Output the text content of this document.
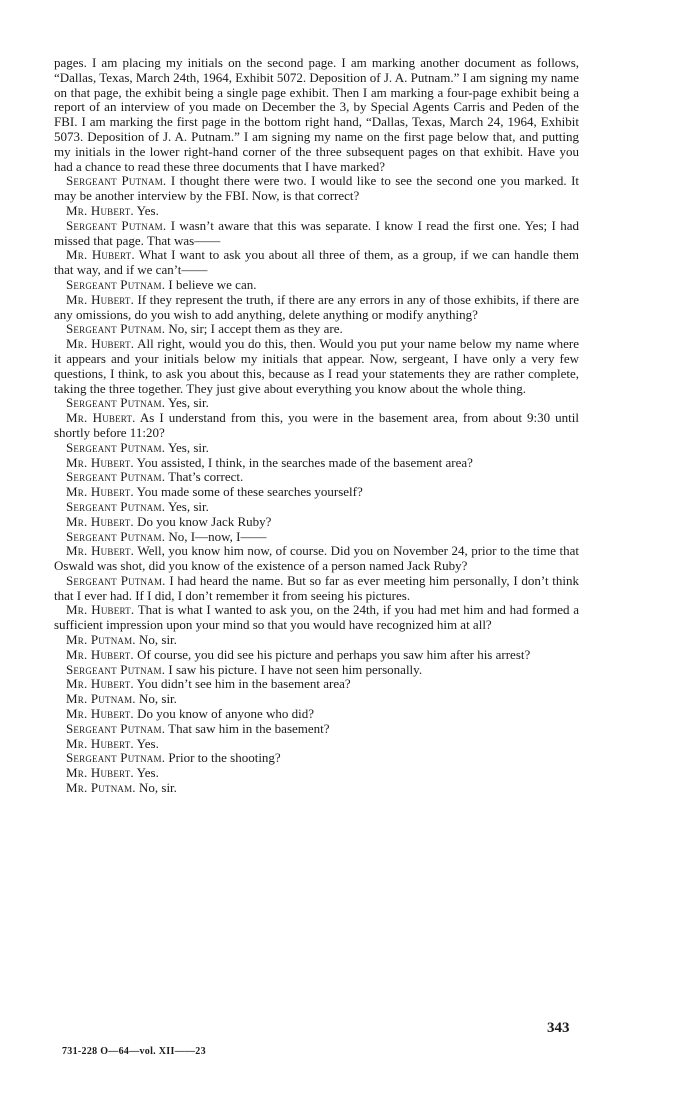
pages. I am placing my initials on the second page. I am marking another document as follows, “Dallas, Texas, March 24th, 1964, Exhibit 5072. Deposition of J. A. Putnam.” I am signing my name on that page, the exhibit being a single page exhibit. Then I am marking a four-page exhibit being a report of an interview of you made on December the 3, by Special Agents Carris and Peden of the FBI. I am marking the first page in the bottom right hand, “Dallas, Texas, March 24, 1964, Exhibit 5073. Deposition of J. A. Putnam.” I am signing my name on the first page below that, and putting my initials in the lower right-hand corner of the three subsequent pages on that exhibit. Have you had a chance to read these three documents that I have marked?

Sergeant Putnam. I thought there were two. I would like to see the second one you marked. It may be another interview by the FBI. Now, is that correct?

Mr. Hubert. Yes.

Sergeant Putnam. I wasn’t aware that this was separate. I know I read the first one. Yes; I had missed that page. That was——

Mr. Hubert. What I want to ask you about all three of them, as a group, if we can handle them that way, and if we can’t——

Sergeant Putnam. I believe we can.

Mr. Hubert. If they represent the truth, if there are any errors in any of those exhibits, if there are any omissions, do you wish to add anything, delete anything or modify anything?

Sergeant Putnam. No, sir; I accept them as they are.

Mr. Hubert. All right, would you do this, then. Would you put your name below my name where it appears and your initials below my initials that appear. Now, sergeant, I have only a very few questions, I think, to ask you about this, because as I read your statements they are rather complete, taking the three together. They just give about everything you know about the whole thing.

Sergeant Putnam. Yes, sir.

Mr. Hubert. As I understand from this, you were in the basement area, from about 9:30 until shortly before 11:20?

Sergeant Putnam. Yes, sir.

Mr. Hubert. You assisted, I think, in the searches made of the basement area?

Sergeant Putnam. That’s correct.

Mr. Hubert. You made some of these searches yourself?

Sergeant Putnam. Yes, sir.

Mr. Hubert. Do you know Jack Ruby?

Sergeant Putnam. No, I—now, I——

Mr. Hubert. Well, you know him now, of course. Did you on November 24, prior to the time that Oswald was shot, did you know of the existence of a person named Jack Ruby?

Sergeant Putnam. I had heard the name. But so far as ever meeting him personally, I don’t think that I ever had. If I did, I don’t remember it from seeing his pictures.

Mr. Hubert. That is what I wanted to ask you, on the 24th, if you had met him and had formed a sufficient impression upon your mind so that you would have recognized him at all?

Mr. Putnam. No, sir.

Mr. Hubert. Of course, you did see his picture and perhaps you saw him after his arrest?

Sergeant Putnam. I saw his picture. I have not seen him personally.

Mr. Hubert. You didn’t see him in the basement area?

Mr. Putnam. No, sir.

Mr. Hubert. Do you know of anyone who did?

Sergeant Putnam. That saw him in the basement?

Mr. Hubert. Yes.

Sergeant Putnam. Prior to the shooting?

Mr. Hubert. Yes.

Mr. Putnam. No, sir.

343
731-228 O—64—vol. XII——23
